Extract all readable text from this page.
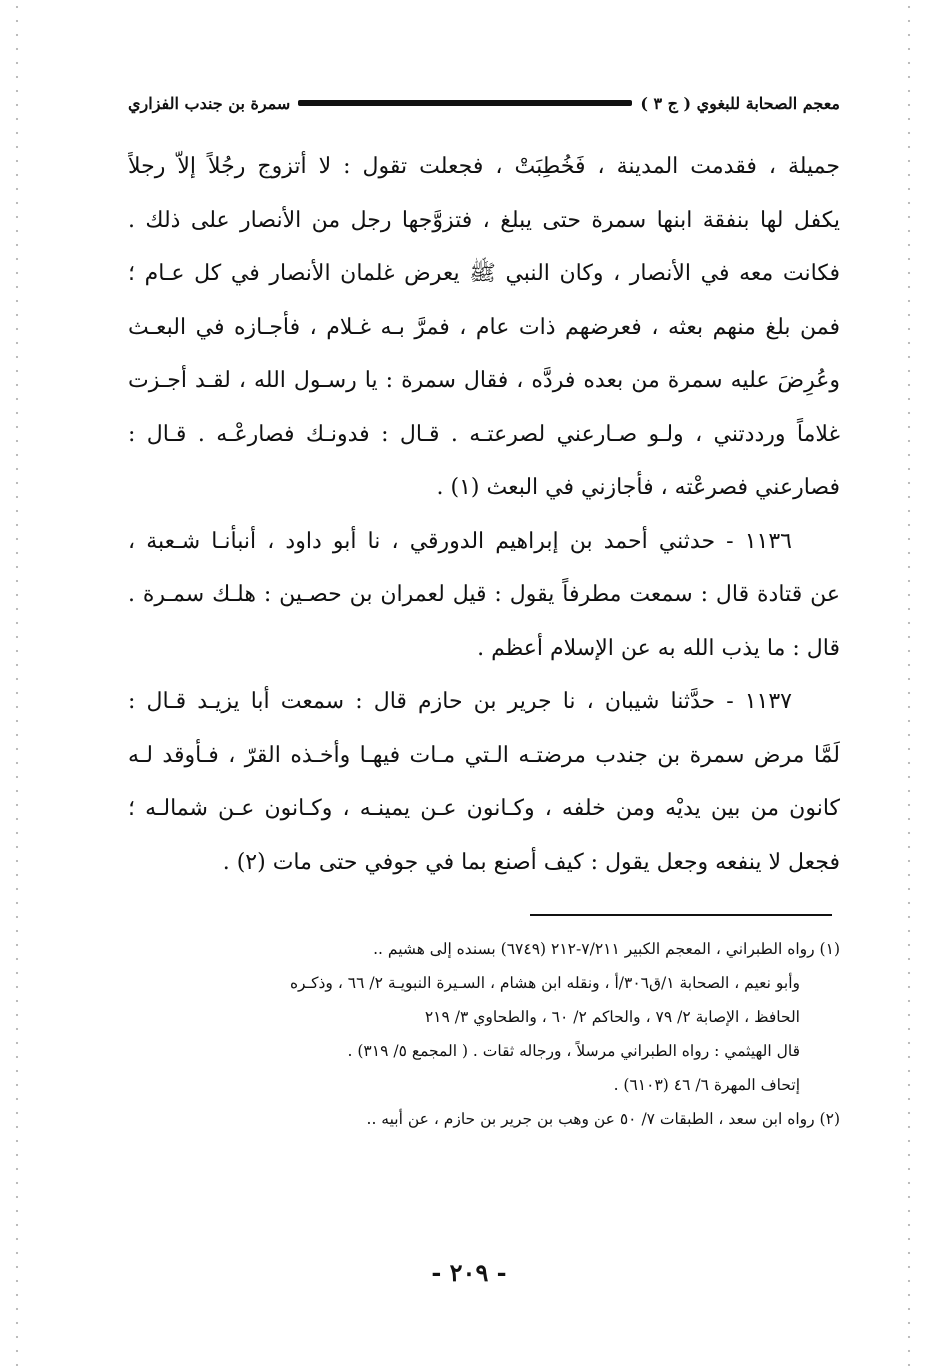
معجم الصحابة للبغوي ( ج ٣ )
سمرة بن جندب الفزاري
جميلة ، فقدمت المدينة ، فَخُطِبَتْ ، فجعلت تقول : لا أتزوج رجُلاً إلاّ رجلاً
يكفل لها بنفقة ابنها سمرة حتى يبلغ ، فتزوَّجها رجل من الأنصار على ذلك .
فكانت معه في الأنصار ، وكان النبي ﷺ يعرض غلمان الأنصار في كل عـام ؛
فمن بلغ منهم بعثه ، فعرضهم ذات عام ، فمرَّ بـه غـلام ، فأجـازه في البعـث
وعُرِضَ عليه سمرة من بعده فردَّه ، فقال سمرة : يا رسـول الله ، لقـد أجـزت
غلاماً ورددتني ، ولـو صـارعني لصرعتـه . قـال : فدونـك فصارعْـه . قـال :
فصارعني فصرعْته ، فأجازني في البعث (١) .
١١٣٦ - حدثني أحمد بن إبراهيم الدورقي ، نا أبو داود ، أنبأنـا شـعبة ،
عن قتادة قال : سمعت مطرفاً يقول : قيل لعمران بن حصـين : هلـك سمـرة .
قال : ما يذب الله به عن الإسلام أعظم .
١١٣٧ - حدَّثنا شيبان ، نا جرير بن حازم قال : سمعت أبا يزيـد قـال :
لَمَّا مرض سمرة بن جندب مرضتـه الـتي مـات فيهـا وأخـذه القرّ ، فـأوقد لـه
كانون من بين يديْه ومن خلفه ، وكـانون عـن يمينـه ، وكـانون عـن شمالـه ؛
فجعل لا ينفعه وجعل يقول : كيف أصنع بما في جوفي حتى مات (٢) .
(١) رواه الطبراني ، المعجم الكبير ٧/٢١١-٢١٢ (٦٧٤٩) بسنده إلى هشيم ..
وأبو نعيم ، الصحابة ١/ق٣٠٦/أ ، ونقله ابن هشام ، السـيرة النبويـة ٢/ ٦٦ ، وذكـره
الحافظ ، الإصابة ٢/ ٧٩ ، والحاكم ٢/ ٦٠ ، والطحاوي ٣/ ٢١٩
قال الهيثمي : رواه الطبراني مرسلاً ، ورجاله ثقات . ( المجمع ٥/ ٣١٩) .
إتحاف المهرة ٦/ ٤٦ (٦١٠٣) .
(٢) رواه ابن سعد ، الطبقات ٧/ ٥٠ عن وهب بن جرير بن حازم ، عن أبيه ..
- ٢٠٩ -
